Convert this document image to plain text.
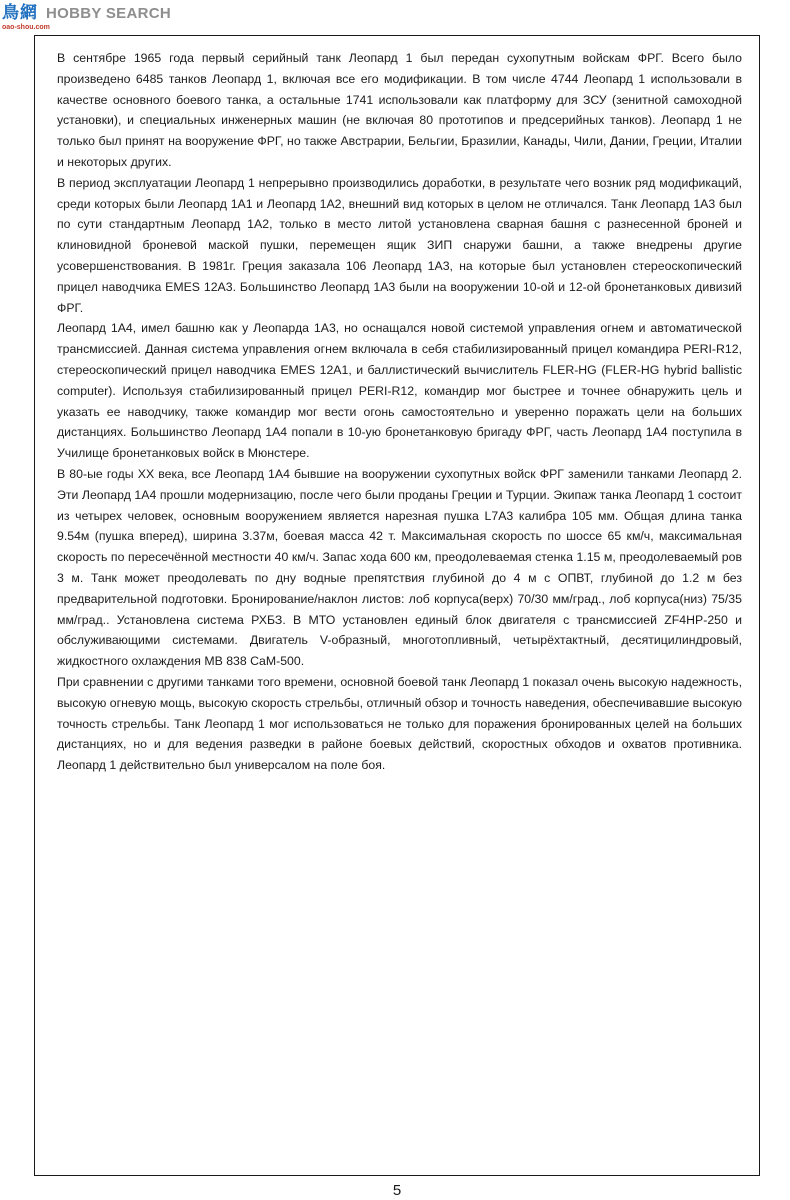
鳥網 HOBBY SEARCH
oao-shou.com

В сентябре 1965 года первый серийный танк Леопард 1 был передан сухопутным войскам ФРГ. Всего было произведено 6485 танков Леопард 1, включая все его модификации. В том числе 4744 Леопард 1 использовали в качестве основного боевого танка, а остальные 1741 использовали как платформу для ЗСУ (зенитной самоходной установки), и специальных инженерных машин (не включая 80 прототипов и предсерийных танков). Леопард 1 не только был принят на вооружение ФРГ, но также Австрарии, Бельгии, Бразилии, Канады, Чили, Дании, Греции, Италии и некоторых других.

В период эксплуатации Леопард 1 непрерывно производились доработки, в результате чего возник ряд модификаций, среди которых были Леопард 1А1 и Леопард 1А2, внешний вид которых в целом не отличался. Танк Леопард 1А3 был по сути стандартным Леопард 1А2, только в место литой установлена сварная башня с разнесенной броней и клиновидной броневой маской пушки, перемещен ящик ЗИП снаружи башни, а также внедрены другие усовершенствования. В 1981г. Греция заказала 106 Леопард 1А3, на которые был установлен стереоскопический прицел наводчика EMES 12A3. Большинство Леопард 1А3 были на вооружении 10-ой и 12-ой бронетанковых дивизий ФРГ.

Леопард 1А4, имел башню как у Леопарда 1А3, но оснащался новой системой управления огнем и автоматической трансмиссией. Данная система управления огнем включала в себя стабилизированный прицел командира PERI-R12, стереоскопический прицел наводчика EMES 12A1, и баллистический вычислитель FLER-HG (FLER-HG hybrid ballistic computer). Используя стабилизированный прицел PERI-R12, командир мог быстрее и точнее обнаружить цель и указать ее наводчику, также командир мог вести огонь самостоятельно и уверенно поражать цели на больших дистанциях. Большинство Леопард 1А4 попали в 10-ую бронетанковую бригаду ФРГ, часть Леопард 1А4 поступила в Училище бронетанковых войск в Мюнстере.

В 80-ые годы XX века, все Леопард 1А4 бывшие на вооружении сухопутных войск ФРГ заменили танками Леопард 2. Эти Леопард 1А4 прошли модернизацию, после чего были проданы Греции и Турции. Экипаж танка Леопард 1 состоит из четырех человек, основным вооружением является нарезная пушка L7A3 калибра 105 мм. Общая длина танка 9.54м (пушка вперед), ширина 3.37м, боевая масса 42 т. Максимальная скорость по шоссе 65 км/ч, максимальная скорость по пересечённой местности 40 км/ч. Запас хода 600 км, преодолеваемая стенка 1.15 м, преодолеваемый ров 3 м. Танк может преодолевать по дну водные препятствия глубиной до 4 м с ОПВТ, глубиной до 1.2 м без предварительной подготовки. Бронирование/наклон листов: лоб корпуса(верх) 70/30 мм/град., лоб корпуса(низ) 75/35 мм/град.. Установлена система РХБЗ. В МТО установлен единый блок двигателя с трансмиссией ZF4HP-250 и обслуживающими системами. Двигатель V-образный, многотопливный, четырёхтактный, десятицилиндровый, жидкостного охлаждения MB 838 CaM-500.

При сравнении с другими танками того времени, основной боевой танк Леопард 1 показал очень высокую надежность, высокую огневую мощь, высокую скорость стрельбы, отличный обзор и точность наведения, обеспечивавшие высокую точность стрельбы. Танк Леопард 1 мог использоваться не только для поражения бронированных целей на больших дистанциях, но и для ведения разведки в районе боевых действий, скоростных обходов и охватов противника. Леопард 1 действительно был универсалом на поле боя.

5
